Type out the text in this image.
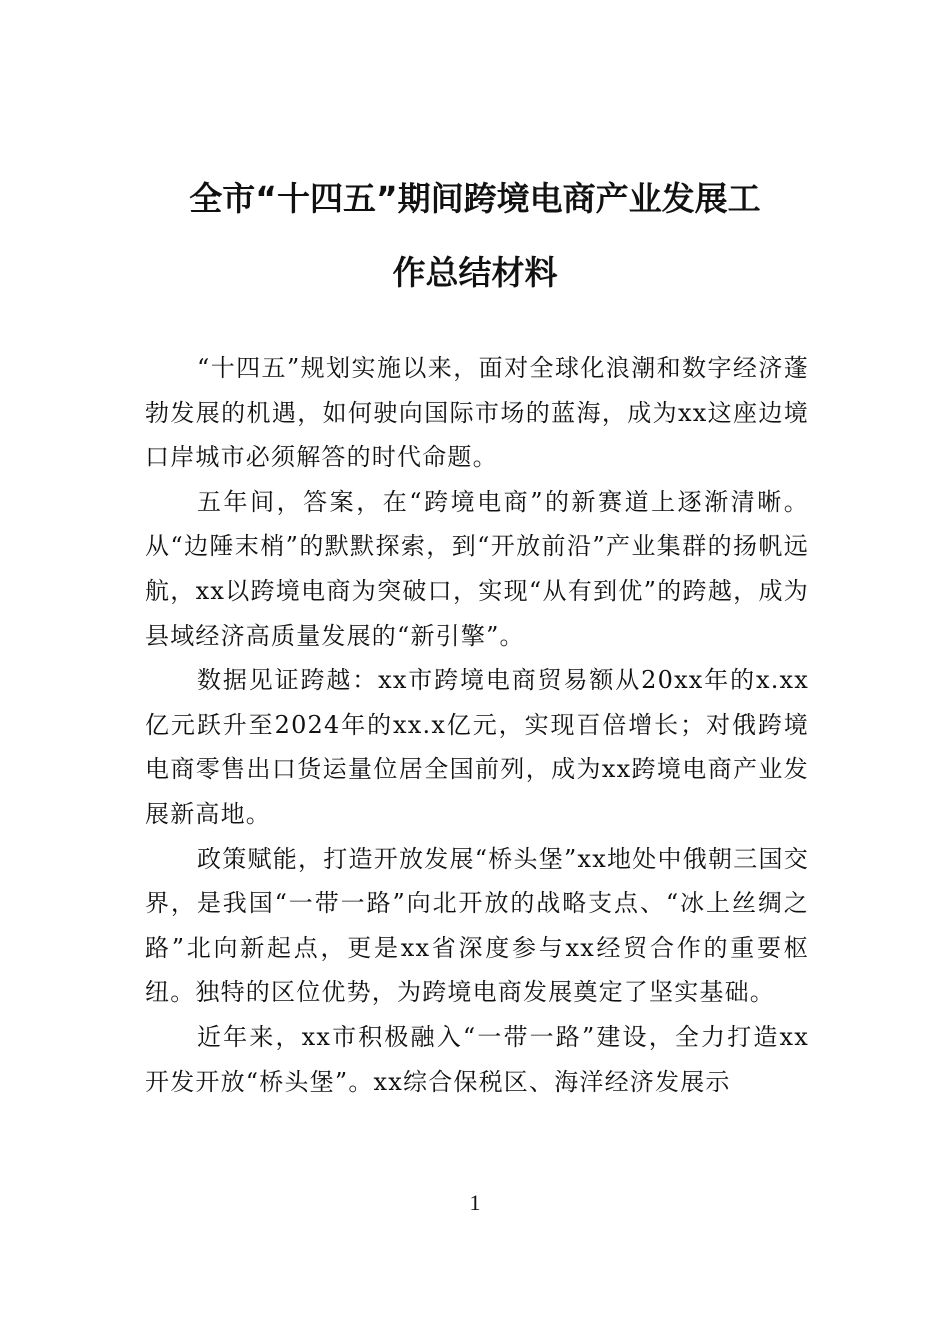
全市“十四五”期间跨境电商产业发展工
作总结材料

“十四五”规划实施以来，面对全球化浪潮和数字经济蓬勃发展的机遇，如何驶向国际市场的蓝海，成为xx这座边境口岸城市必须解答的时代命题。

五年间，答案，在“跨境电商”的新赛道上逐渐清晰。从“边陲末梢”的默默探索，到“开放前沿”产业集群的扬帆远航，xx以跨境电商为突破口，实现“从有到优”的跨越，成为县域经济高质量发展的“新引擎”。

数据见证跨越：xx市跨境电商贸易额从20xx年的x.xx亿元跃升至2024年的xx.x亿元，实现百倍增长；对俄跨境电商零售出口货运量位居全国前列，成为xx跨境电商产业发展新高地。

政策赋能，打造开放发展“桥头堡”xx地处中俄朝三国交界，是我国“一带一路”向北开放的战略支点、“冰上丝绸之路”北向新起点，更是xx省深度参与xx经贸合作的重要枢纽。独特的区位优势，为跨境电商发展奠定了坚实基础。

近年来，xx市积极融入“一带一路”建设，全力打造xx开发开放“桥头堡”。xx综合保税区、海洋经济发展示

1
